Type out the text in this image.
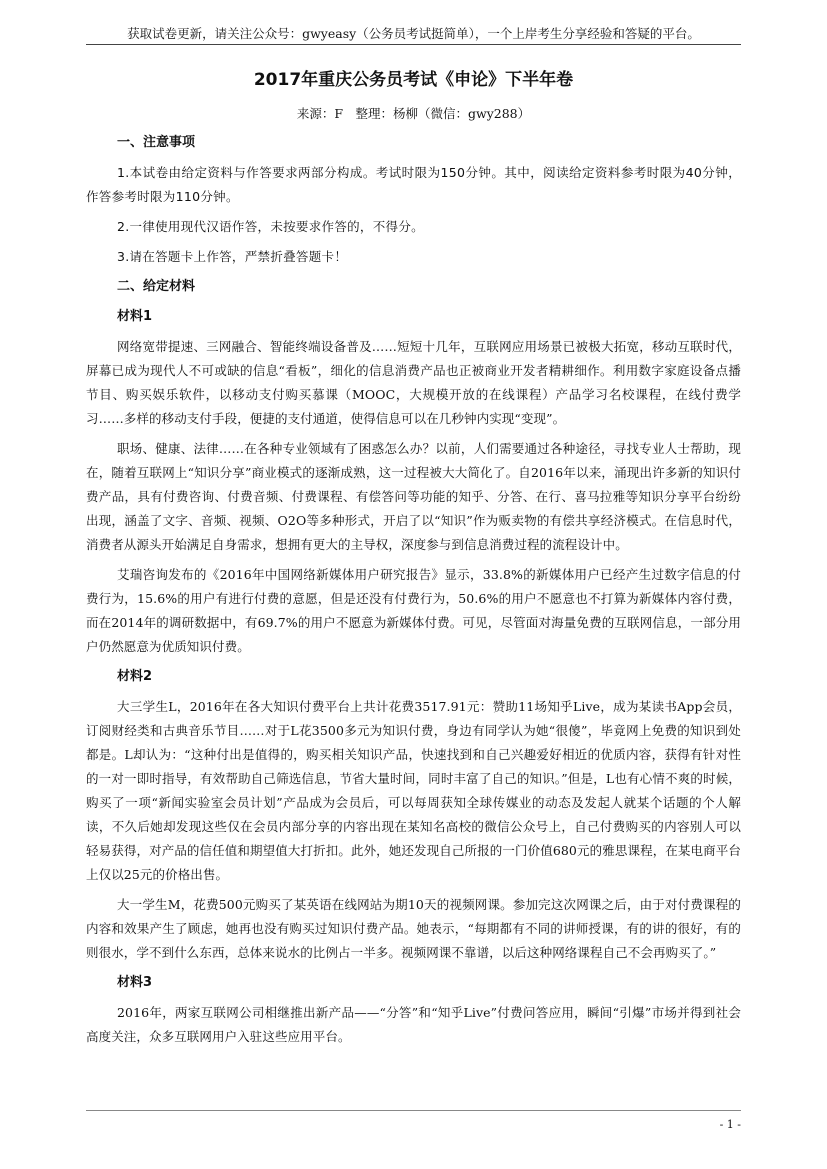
获取试卷更新，请关注公众号：gwyeasy（公务员考试挺简单），一个上岸考生分享经验和答疑的平台。
2017年重庆公务员考试《申论》下半年卷
来源：F　整理：杨柳（微信：gwy288）
一、注意事项
1.本试卷由给定资料与作答要求两部分构成。考试时限为150分钟。其中，阅读给定资料参考时限为40分钟，作答参考时限为110分钟。
2.一律使用现代汉语作答，未按要求作答的，不得分。
3.请在答题卡上作答，严禁折叠答题卡！
二、给定材料
材料1
网络宽带提速、三网融合、智能终端设备普及……短短十几年，互联网应用场景已被极大拓宽，移动互联时代，屏幕已成为现代人不可或缺的信息“看板”，细化的信息消费产品也正被商业开发者精耕细作。利用数字家庭设备点播节目、购买娱乐软件，以移动支付购买慕课（MOOC，大规模开放的在线课程）产品学习名校课程，在线付费学习……多样的移动支付手段，便捷的支付通道，使得信息可以在几秒钟内实现“变现”。
职场、健康、法律……在各种专业领域有了困惑怎么办？以前，人们需要通过各种途径，寻找专业人士帮助，现在，随着互联网上“知识分享”商业模式的逐渐成熟，这一过程被大大简化了。自2016年以来，涌现出许多新的知识付费产品，具有付费咨询、付费音频、付费课程、有偿答问等功能的知乎、分答、在行、喜马拉雅等知识分享平台纷纷出现，涵盖了文字、音频、视频、O2O等多种形式，开启了以“知识”作为贩卖物的有偿共享经济模式。在信息时代，消费者从源头开始满足自身需求，想拥有更大的主导权，深度参与到信息消费过程的流程设计中。
艾瑞咨询发布的《2016年中国网络新媒体用户研究报告》显示，33.8%的新媒体用户已经产生过数字信息的付费行为，15.6%的用户有进行付费的意愿，但是还没有付费行为，50.6%的用户不愿意也不打算为新媒体内容付费，而在2014年的调研数据中，有69.7%的用户不愿意为新媒体付费。可见，尽管面对海量免费的互联网信息，一部分用户仍然愿意为优质知识付费。
材料2
大三学生L，2016年在各大知识付费平台上共计花费3517.91元：赞助11场知乎Live，成为某读书App会员，订阅财经类和古典音乐节目……对于L花3500多元为知识付费，身边有同学认为她“很傻”，毕竟网上免费的知识到处都是。L却认为：“这种付出是值得的，购买相关知识产品，快速找到和自己兴趣爱好相近的优质内容，获得有针对性的一对一即时指导，有效帮助自己筛选信息，节省大量时间，同时丰富了自己的知识。”但是，L也有心情不爽的时候，购买了一项“新闻实验室会员计划”产品成为会员后，可以每周获知全球传媒业的动态及发起人就某个话题的个人解读，不久后她却发现这些仅在会员内部分享的内容出现在某知名高校的微信公众号上，自己付费购买的内容别人可以轻易获得，对产品的信任值和期望值大打折扣。此外，她还发现自己所报的一门价值680元的雅思课程，在某电商平台上仅以25元的价格出售。
大一学生M，花费500元购买了某英语在线网站为期10天的视频网课。参加完这次网课之后，由于对付费课程的内容和效果产生了顾虑，她再也没有购买过知识付费产品。她表示，“每期都有不同的讲师授课，有的讲的很好，有的则很水，学不到什么东西，总体来说水的比例占一半多。视频网课不靠谱，以后这种网络课程自己不会再购买了。”
材料3
2016年，两家互联网公司相继推出新产品——“分答”和“知乎Live”付费问答应用，瞬间“引爆”市场并得到社会高度关注，众多互联网用户入驻这些应用平台。
- 1 -
